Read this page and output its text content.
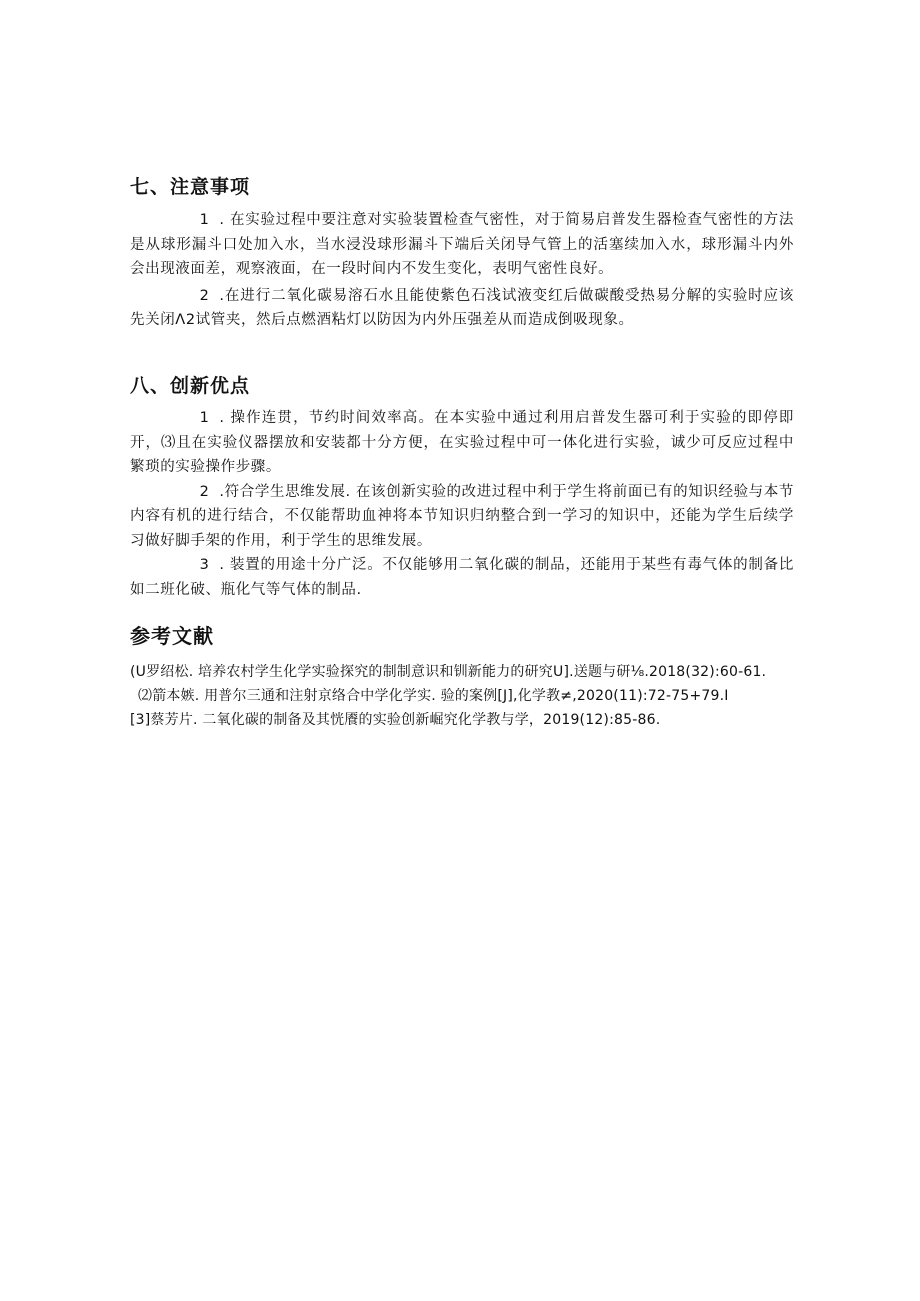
七、注意事项

1 . 在实验过程中要注意对实验装置检查气密性，对于简易启普发生器检查气密性的方法是从球形漏斗口处加入水，当水浸没球形漏斗下端后关闭导气管上的活塞续加入水，球形漏斗内外会出现液面差，观察液面，在一段时间内不发生变化，表明气密性良好。

2 .在进行二氧化碳易溶石水且能使紫色石浅试液变红后做碳酸受热易分解的实验时应该先关闭Λ2试管夹，然后点燃酒粘灯以防因为内外压强差从而造成倒吸现象。

八、创新优点

1 . 操作连贯，节约时间效率高。在本实验中通过利用启普发生器可利于实验的即停即开，⑶且在实验仪器摆放和安装都十分方便，在实验过程中可一体化进行实验，诚少可反应过程中繁琐的实验操作步骤。

2 .符合学生思维发展. 在该创新实验的改进过程中利于学生将前面已有的知识经验与本节内容有机的进行结合，不仅能帮助血神将本节知识归纳整合到一学习的知识中，还能为学生后续学习做好脚手架的作用，利于学生的思维发展。

3 . 装置的用途十分广泛。不仅能够用二氧化碳的制品，还能用于某些有毒气体的制备比如二班化破、瓶化气等气体的制品.

参考文献

(U罗绍松. 培养农村学生化学实验探究的制制意识和钏新能力的研究U].送题与研⅛.2018(32):60-61.

⑵箭本嫉. 用普尔三通和注射京络合中学化学实. 验的案例[J],化学教≠,2020(11):72-75+79.I

[3]蔡芳片. 二氧化碳的制备及其恍餍的实验创新崛究化学教与学，2019(12):85-86.
